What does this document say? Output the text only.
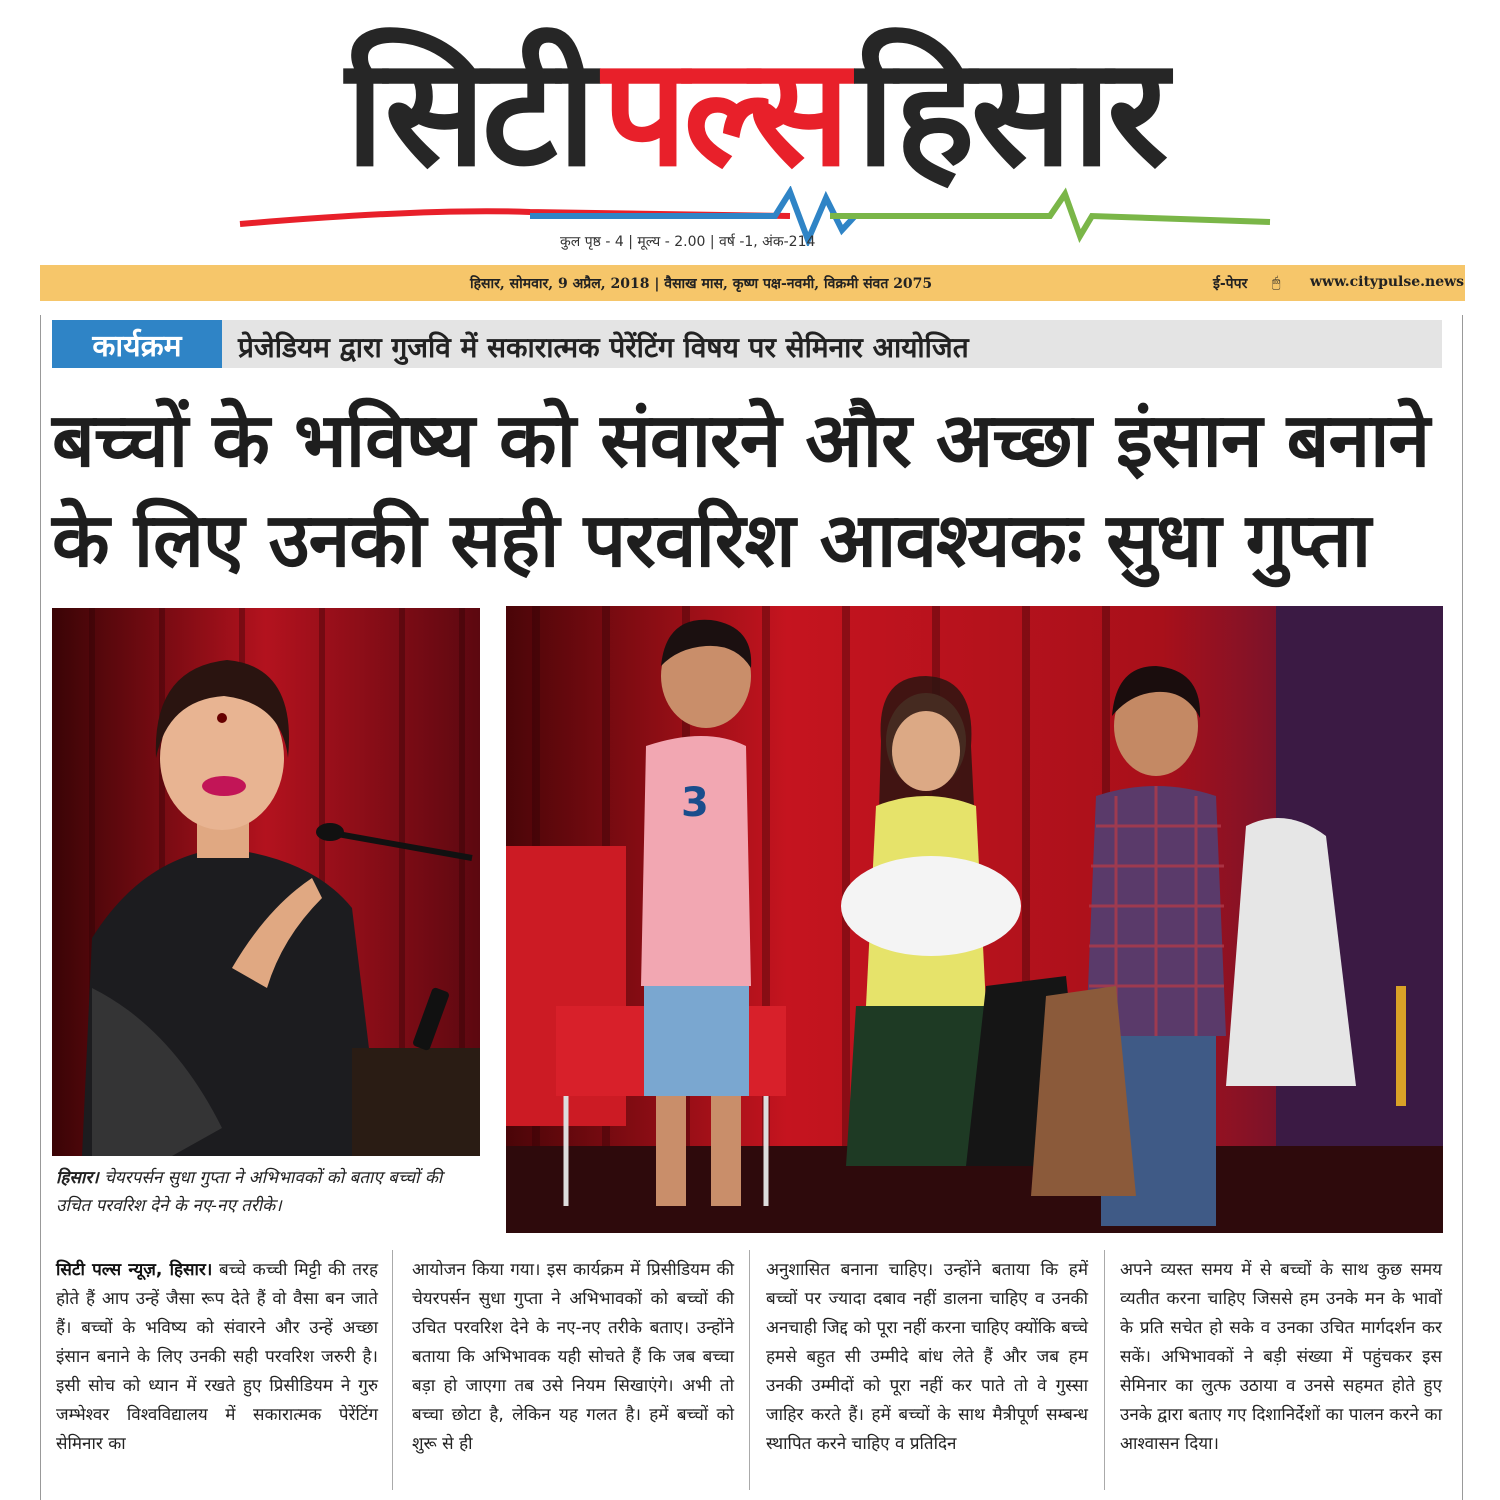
सिटी पल्स हिसार
कुल पृष्ठ - 4 | मूल्य - 2.00 | वर्ष -1, अंक-214
हिसार, सोमवार, 9 अप्रैल, 2018 | वैसाख मास, कृष्ण पक्ष-नवमी, विक्रमी संवत 2075	ई-पेपर 🖱 www.citypulse.news
कार्यक्रम	प्रेजेडियम द्वारा गुजवि में सकारात्मक पेरेंटिंग विषय पर सेमिनार आयोजित
बच्चों के भविष्य को संवारने और अच्छा इंसान बनाने
के लिए उनकी सही परवरिश आवश्यकः सुधा गुप्ता
3
हिसार। चेयरपर्सन सुधा गुप्ता ने अभिभावकों को बताए बच्चों की उचित परवरिश देने के नए-नए तरीके।
सिटी पल्स न्यूज़, हिसार। बच्चे कच्ची मिट्टी की तरह होते हैं आप उन्हें जैसा रूप देते हैं वो वैसा बन जाते हैं। बच्चों के भविष्य को संवारने और उन्हें अच्छा इंसान बनाने के लिए उनकी सही परवरिश जरुरी है। इसी सोच को ध्यान में रखते हुए प्रिसीडियम ने गुरु जम्भेश्वर विश्वविद्यालय में सकारात्मक पेरेंटिंग सेमिनार का
आयोजन किया गया। इस कार्यक्रम में प्रिसीडियम की चेयरपर्सन सुधा गुप्ता ने अभिभावकों को बच्चों की उचित परवरिश देने के नए-नए तरीके बताए। उन्होंने बताया कि अभिभावक यही सोचते हैं कि जब बच्चा बड़ा हो जाएगा तब उसे नियम सिखाएंगे। अभी तो बच्चा छोटा है, लेकिन यह गलत है। हमें बच्चों को शुरू से ही
अनुशासित बनाना चाहिए। उन्होंने बताया कि हमें बच्चों पर ज्यादा दबाव नहीं डालना चाहिए व उनकी अनचाही जिद्द को पूरा नहीं करना चाहिए क्योंकि बच्चे हमसे बहुत सी उम्मीदे बांध लेते हैं और जब हम उनकी उम्मीदों को पूरा नहीं कर पाते तो वे गुस्सा जाहिर करते हैं। हमें बच्चों के साथ मैत्रीपूर्ण सम्बन्ध स्थापित करने चाहिए व प्रतिदिन
अपने व्यस्त समय में से बच्चों के साथ कुछ समय व्यतीत करना चाहिए जिससे हम उनके मन के भावों के प्रति सचेत हो सके व उनका उचित मार्गदर्शन कर सकें। अभिभावकों ने बड़ी संख्या में पहुंचकर इस सेमिनार का लुत्फ उठाया व उनसे सहमत होते हुए उनके द्वारा बताए गए दिशानिर्देशों का पालन करने का आश्वासन दिया।
